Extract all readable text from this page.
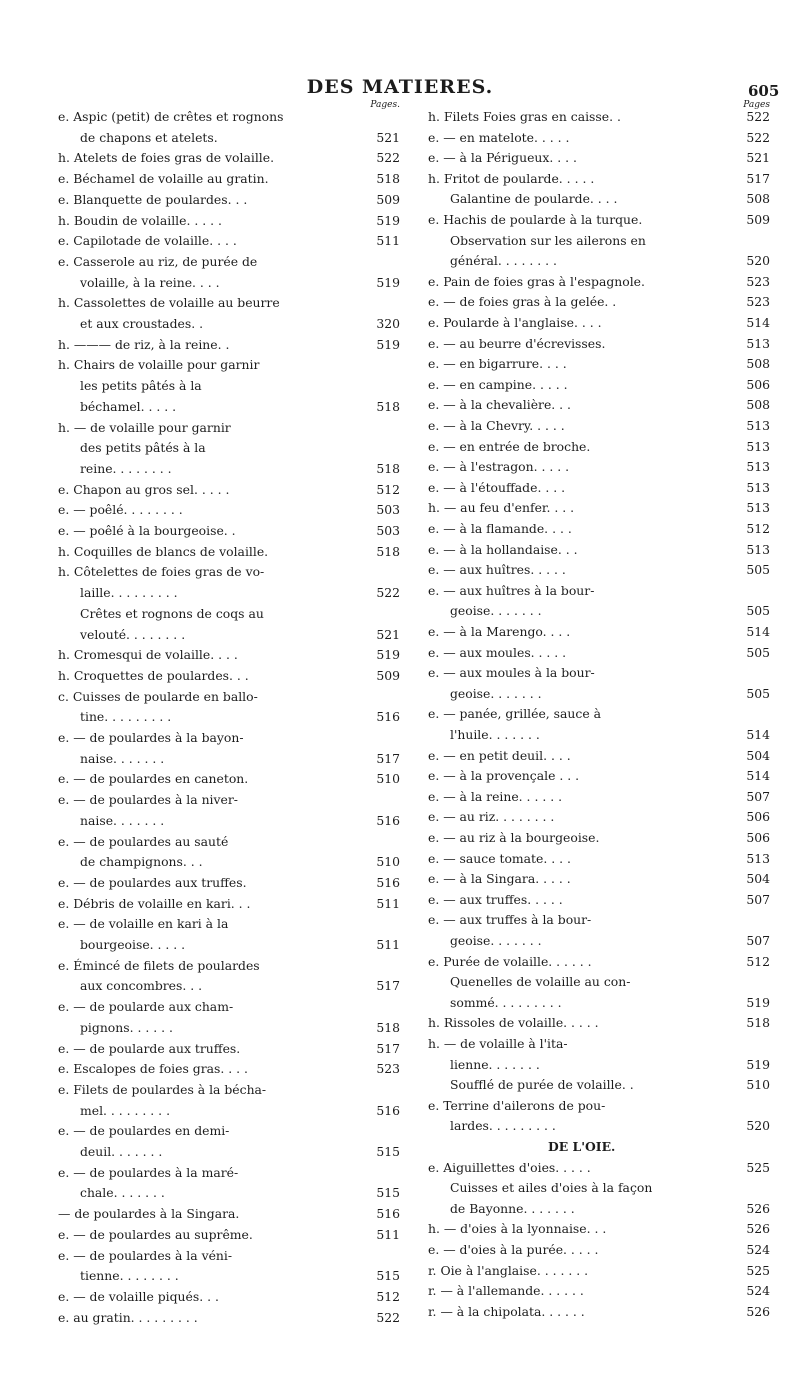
DES MATIERES.	605
Pages.
e. Aspic (petit) de crêtes et rognons
de chapons et atelets.	521
h. Atelets de foies gras de volaille.	522
e. Béchamel de volaille au gratin.	518
e. Blanquette de poulardes. . .	509
h. Boudin de volaille. . . . .	519
e. Capilotade de volaille. . . .	511
e. Casserole au riz, de purée de
volaille, à la reine. . . .	519
h. Cassolettes de volaille au beurre
et aux croustades. .	320
h. ——— de riz, à la reine. .	519
h. Chairs de volaille pour garnir
les petits pâtés à la
béchamel. . . . .	518
h. — de volaille pour garnir
des petits pâtés à la
reine. . . . . . . .	518
e. Chapon au gros sel. . . . .	512
e. — poêlé. . . . . . . .	503
e. — poêlé à la bourgeoise. .	503
h. Coquilles de blancs de volaille.	518
h. Côtelettes de foies gras de vo-
laille. . . . . . . . .	522
Crêtes et rognons de coqs au
velouté. . . . . . . .	521
h. Cromesqui de volaille. . . .	519
h. Croquettes de poulardes. . .	509
c. Cuisses de poularde en ballo-
tine. . . . . . . . .	516
e. — de poulardes à la bayon-
naise. . . . . . .	517
e. — de poulardes en caneton.	510
e. — de poulardes à la niver-
naise. . . . . . .	516
e. — de poulardes au sauté
de champignons. . .	510
e. — de poulardes aux truffes.	516
e. Débris de volaille en kari. . .	511
e. — de volaille en kari à la
bourgeoise. . . . .	511
e. Émincé de filets de poulardes
aux concombres. . .	517
e. — de poularde aux cham-
pignons. . . . . .	518
e. — de poularde aux truffes.	517
e. Escalopes de foies gras. . . .	523
e. Filets de poulardes à la bécha-
mel. . . . . . . . .	516
e. — de poulardes en demi-
deuil. . . . . . .	515
e. — de poulardes à la maré-
chale. . . . . . .	515
— de poulardes à la Singara.	516
e. — de poulardes au suprême.	511
e. — de poulardes à la véni-
tienne. . . . . . . .	515
e. — de volaille piqués. . .	512
e. au gratin. . . . . . . . .	522
Pages
h. Filets Foies gras en caisse. .	522
e. — en matelote. . . . .	522
e. — à la Périgueux. . . .	521
h. Fritot de poularde. . . . .	517
Galantine de poularde. . . .	508
e. Hachis de poularde à la turque.	509
Observation sur les ailerons en
général. . . . . . . .	520
e. Pain de foies gras à l'espagnole.	523
e. — de foies gras à la gelée. .	523
e. Poularde à l'anglaise. . . .	514
e. — au beurre d'écrevisses.	513
e. — en bigarrure. . . .	508
e. — en campine. . . . .	506
e. — à la chevalière. . .	508
e. — à la Chevry. . . . .	513
e. — en entrée de broche.	513
e. — à l'estragon. . . . .	513
e. — à l'étouffade. . . .	513
h. — au feu d'enfer. . . .	513
e. — à la flamande. . . .	512
e. — à la hollandaise. . .	513
e. — aux huîtres. . . . .	505
e. — aux huîtres à la bour-
geoise. . . . . . .	505
e. — à la Marengo. . . .	514
e. — aux moules. . . . .	505
e. — aux moules à la bour-
geoise. . . . . . .	505
e. — panée, grillée, sauce à
l'huile. . . . . . .	514
e. — en petit deuil. . . .	504
e. — à la provençale . . .	514
e. — à la reine. . . . . .	507
e. — au riz. . . . . . . .	506
e. — au riz à la bourgeoise.	506
e. — sauce tomate. . . .	513
e. — à la Singara. . . . .	504
e. — aux truffes. . . . .	507
e. — aux truffes à la bour-
geoise. . . . . . .	507
e. Purée de volaille. . . . . .	512
Quenelles de volaille au con-
sommé. . . . . . . . .	519
h. Rissoles de volaille. . . . .	518
h. — de volaille à l'ita-
lienne. . . . . . .	519
Soufflé de purée de volaille. .	510
e. Terrine d'ailerons de pou-
lardes. . . . . . . . .	520
DE L'OIE.
e. Aiguillettes d'oies. . . . .	525
Cuisses et ailes d'oies à la façon
de Bayonne. . . . . . .	526
h. — d'oies à la lyonnaise. . .	526
e. — d'oies à la purée. . . . .	524
r. Oie à l'anglaise. . . . . . .	525
r. — à l'allemande. . . . . .	524
r. — à la chipolata. . . . . .	526
